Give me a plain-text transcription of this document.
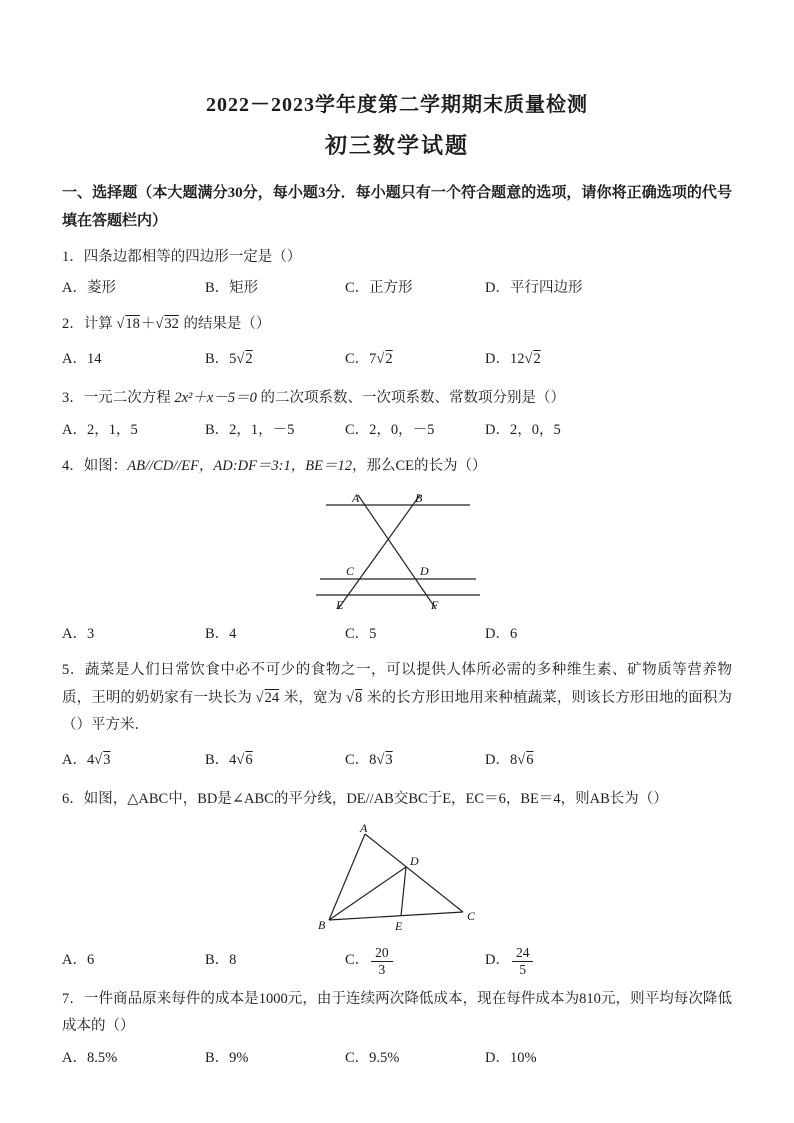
2022－2023学年度第二学期期末质量检测
初三数学试题

一、选择题（本大题满分30分，每小题3分．每小题只有一个符合题意的选项，请你将正确选项的代号填在答题栏内）

1．四条边都相等的四边形一定是（）

A．菱形	B．矩形	C．正方形	D．平行四边形

2．计算 √18＋√32 的结果是（）

A．14	B．5√2	C．7√2	D．12√2

3．一元二次方程 2x²＋x－5＝0 的二次项系数、一次项系数、常数项分别是（）

A．2，1，5	B．2，1，－5	C．2，0，－5	D．2，0，5

4．如图：AB//CD//EF，AD:DF＝3:1，BE＝12，那么CE的长为（）

A	B
C	D
E	F
A．3	B．4	C．5	D．6

5．蔬菜是人们日常饮食中必不可少的食物之一，可以提供人体所必需的多种维生素、矿物质等营养物质，王明的奶奶家有一块长为 √24 米，宽为 √8 米的长方形田地用来种植蔬菜，则该长方形田地的面积为（）平方米．

A．4√3	B．4√6	C．8√3	D．8√6

6．如图，△ABC中，BD是∠ABC的平分线，DE//AB交BC于E，EC＝6，BE＝4，则AB长为（）

A
B
C
D
E
A．6	B．8	C． $\frac{20}{3}$	D． $\frac{24}{5}$

7．一件商品原来每件的成本是1000元，由于连续两次降低成本，现在每件成本为810元，则平均每次降低成本的（）

A．8.5%	B．9%	C．9.5%	D．10%
